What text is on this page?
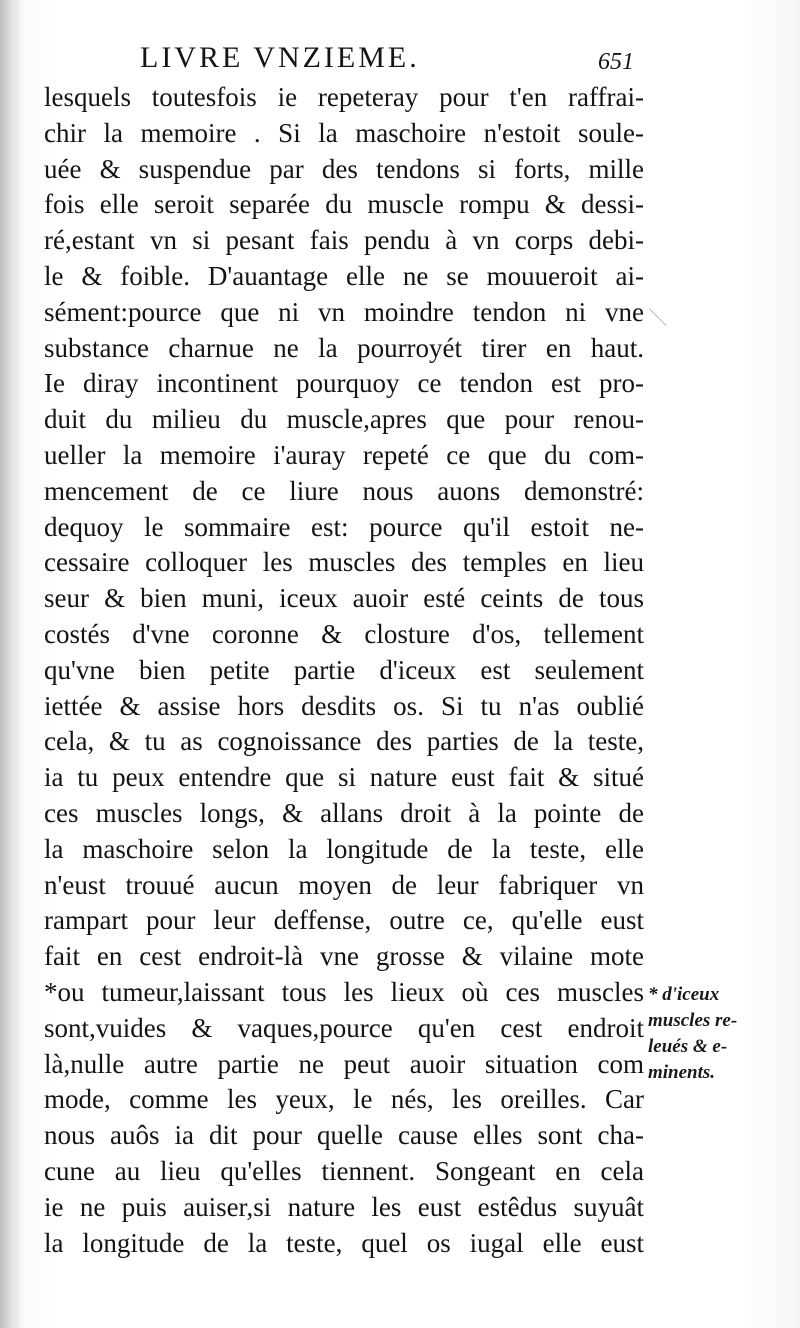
LIVRE VNZIEME.	651
lesquels toutesfois ie repeteray pour t'en raffrai-
chir la memoire . Si la maschoire n'estoit soule-
uée & suspendue par des tendons si forts, mille
fois elle seroit separée du muscle rompu & dessi-
ré,estant vn si pesant fais pendu à vn corps debi-
le & foible. D'auantage elle ne se mouueroit ai-
sément:pource que ni vn moindre tendon ni vne
substance charnue ne la pourroyét tirer en haut.
Ie diray incontinent pourquoy ce tendon est pro-
duit du milieu du muscle,apres que pour renou-
ueller la memoire i'auray repeté ce que du com-
mencement de ce liure nous auons demonstré:
dequoy le sommaire est: pource qu'il estoit ne-
cessaire colloquer les muscles des temples en lieu
seur & bien muni, iceux auoir esté ceints de tous
costés d'vne coronne & closture d'os, tellement
qu'vne bien petite partie d'iceux est seulement
iettée & assise hors desdits os. Si tu n'as oublié
cela, & tu as cognoissance des parties de la teste,
ia tu peux entendre que si nature eust fait & situé
ces muscles longs, & allans droit à la pointe de
la maschoire selon la longitude de la teste, elle
n'eust trouué aucun moyen de leur fabriquer vn
rampart pour leur deffense, outre ce, qu'elle eust
fait en cest endroit-là vne grosse & vilaine mote
*ou tumeur,laissant tous les lieux où ces muscles
sont,vuides & vaques,pource qu'en cest endroit
là,nulle autre partie ne peut auoir situation com
mode, comme les yeux, le nés, les oreilles. Car
nous auôs ia dit pour quelle cause elles sont cha-
cune au lieu qu'elles tiennent. Songeant en cela
ie ne puis auiser,si nature les eust estêdus suyuât
la longitude de la teste, quel os iugal elle eust
* d'iceux
muscles re-
leués & e-
minents.
